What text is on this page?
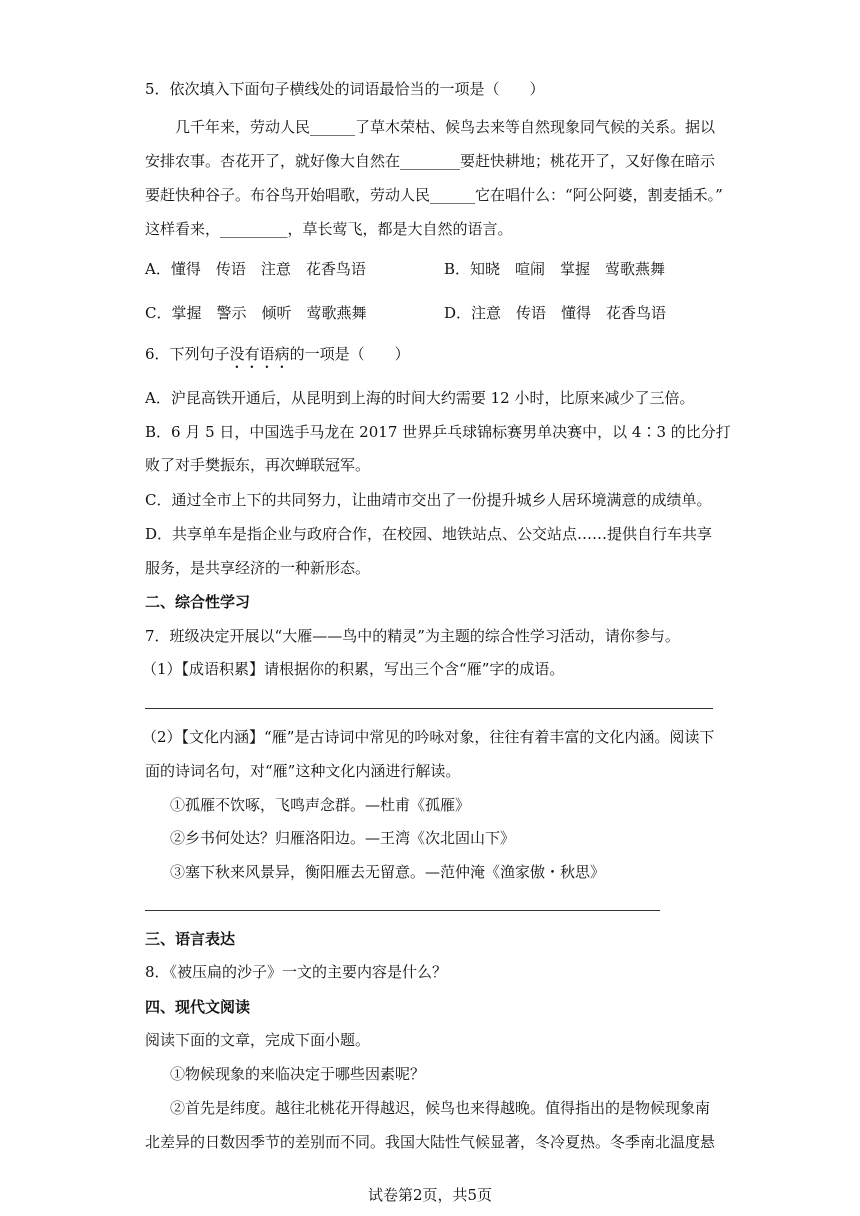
5．依次填入下面句子横线处的词语最恰当的一项是（　　）
几千年来，劳动人民______了草木荣枯、候鸟去来等自然现象同气候的关系。据以
安排农事。杏花开了，就好像大自然在________要赶快耕地；桃花开了，又好像在暗示
要赶快种谷子。布谷鸟开始唱歌，劳动人民______它在唱什么：“阿公阿婆，割麦插禾。”
这样看来，_________，草长莺飞，都是大自然的语言。
A．懂得　传语　注意　花香鸟语	B．知晓　喧闹　掌握　莺歌燕舞
C．掌握　警示　倾听　莺歌燕舞	D．注意　传语　懂得　花香鸟语
6．下列句子没有语病的一项是（　　）
A．沪昆高铁开通后，从昆明到上海的时间大约需要 12 小时，比原来减少了三倍。
B．6 月 5 日，中国选手马龙在 2017 世界乒乓球锦标赛男单决赛中，以 4∶3 的比分打
败了对手樊振东，再次蝉联冠军。
C．通过全市上下的共同努力，让曲靖市交出了一份提升城乡人居环境满意的成绩单。
D．共享单车是指企业与政府合作，在校园、地铁站点、公交站点……提供自行车共享
服务，是共享经济的一种新形态。
二、综合性学习
7．班级决定开展以“大雁——鸟中的精灵”为主题的综合性学习活动，请你参与。
（1）【成语积累】请根据你的积累，写出三个含“雁”字的成语。
（2）【文化内涵】“雁”是古诗词中常见的吟咏对象，往往有着丰富的文化内涵。阅读下
面的诗词名句，对“雁”这种文化内涵进行解读。
①孤雁不饮啄，飞鸣声念群。—杜甫《孤雁》
②乡书何处达？归雁洛阳边。—王湾《次北固山下》
③塞下秋来风景异，衡阳雁去无留意。—范仲淹《渔家傲・秋思》
三、语言表达
8．《被压扁的沙子》一文的主要内容是什么？
四、现代文阅读
阅读下面的文章，完成下面小题。
①物候现象的来临决定于哪些因素呢？
②首先是纬度。越往北桃花开得越迟，候鸟也来得越晚。值得指出的是物候现象南
北差异的日数因季节的差别而不同。我国大陆性气候显著，冬冷夏热。冬季南北温度悬
试卷第2页，共5页
